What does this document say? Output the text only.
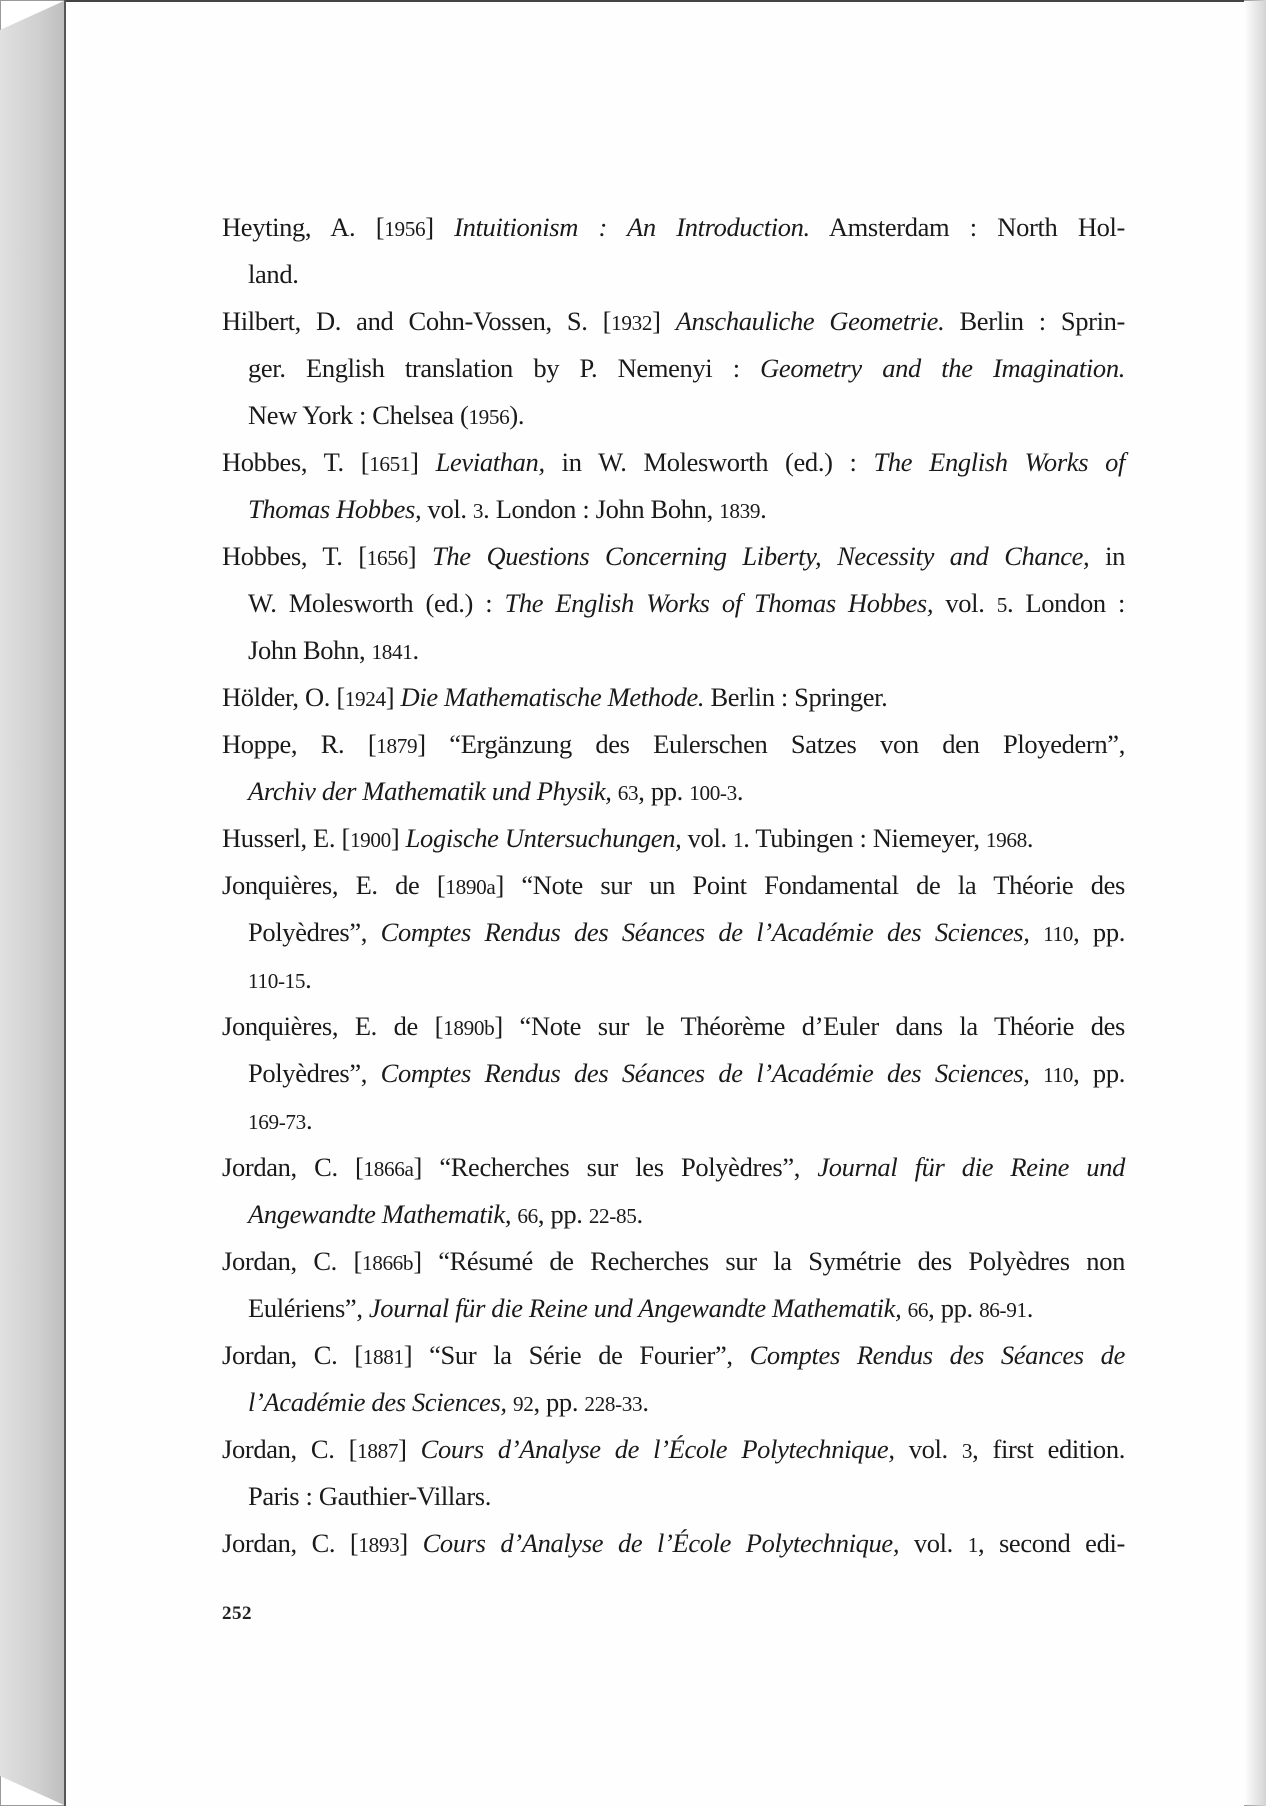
Heyting, A. [1956] Intuitionism : An Introduction. Amsterdam : North Hol-
land.
Hilbert, D. and Cohn-Vossen, S. [1932] Anschauliche Geometrie. Berlin : Sprin-
ger. English translation by P. Nemenyi : Geometry and the Imagination.
New York : Chelsea (1956).
Hobbes, T. [1651] Leviathan, in W. Molesworth (ed.) : The English Works of
Thomas Hobbes, vol. 3. London : John Bohn, 1839.
Hobbes, T. [1656] The Questions Concerning Liberty, Necessity and Chance, in
W. Molesworth (ed.) : The English Works of Thomas Hobbes, vol. 5. London :
John Bohn, 1841.
Hölder, O. [1924] Die Mathematische Methode. Berlin : Springer.
Hoppe, R. [1879] “Ergänzung des Eulerschen Satzes von den Ployedern”,
Archiv der Mathematik und Physik, 63, pp. 100-3.
Husserl, E. [1900] Logische Untersuchungen, vol. 1. Tubingen : Niemeyer, 1968.
Jonquières, E. de [1890a] “Note sur un Point Fondamental de la Théorie des
Polyèdres”, Comptes Rendus des Séances de l’Académie des Sciences, 110, pp.
110-15.
Jonquières, E. de [1890b] “Note sur le Théorème d’Euler dans la Théorie des
Polyèdres”, Comptes Rendus des Séances de l’Académie des Sciences, 110, pp.
169-73.
Jordan, C. [1866a] “Recherches sur les Polyèdres”, Journal für die Reine und
Angewandte Mathematik, 66, pp. 22-85.
Jordan, C. [1866b] “Résumé de Recherches sur la Symétrie des Polyèdres non
Eulériens”, Journal für die Reine und Angewandte Mathematik, 66, pp. 86-91.
Jordan, C. [1881] “Sur la Série de Fourier”, Comptes Rendus des Séances de
l’Académie des Sciences, 92, pp. 228-33.
Jordan, C. [1887] Cours d’Analyse de l’École Polytechnique, vol. 3, first edition.
Paris : Gauthier-Villars.
Jordan, C. [1893] Cours d’Analyse de l’École Polytechnique, vol. 1, second edi-
252
